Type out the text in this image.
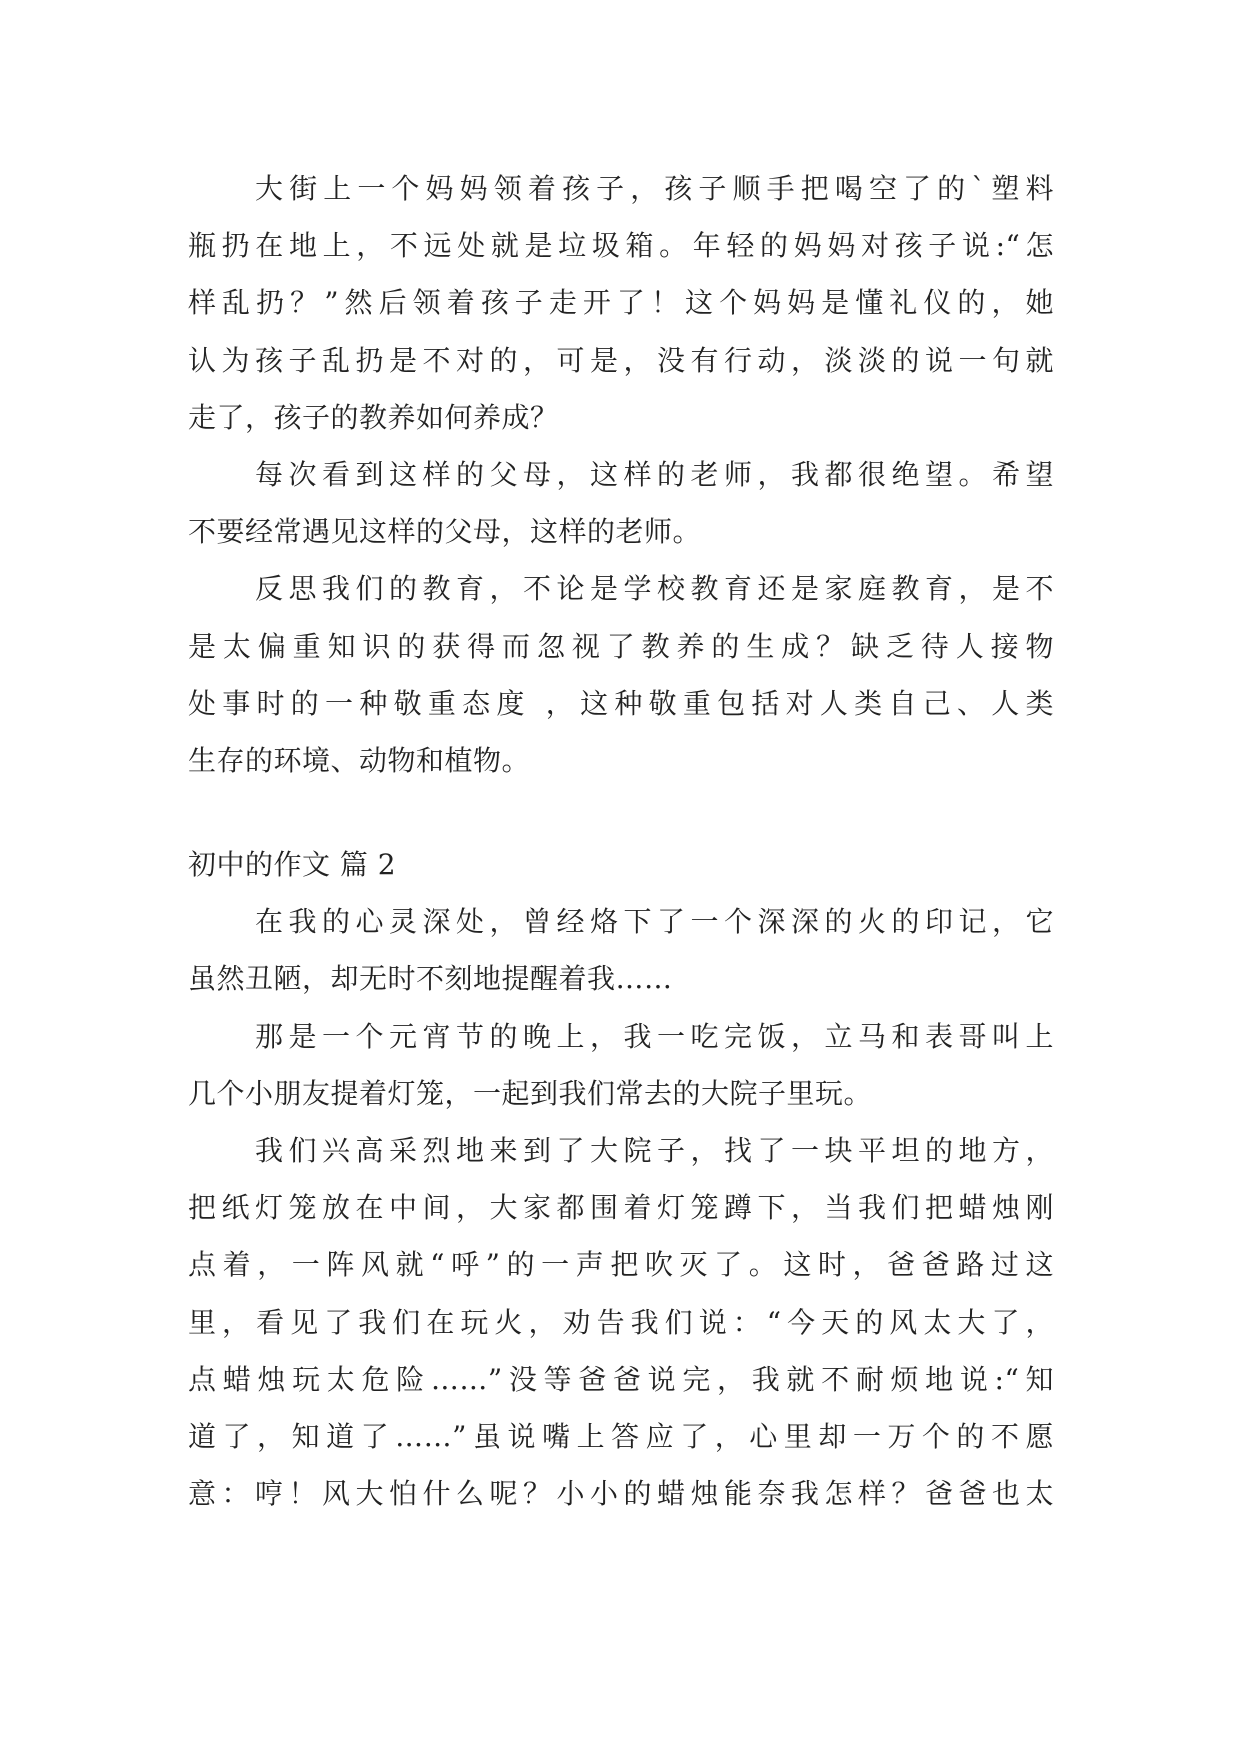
大街上一个妈妈领着孩子，孩子顺手把喝空了的`塑料
瓶扔在地上，不远处就是垃圾箱。年轻的妈妈对孩子说:“怎
样乱扔？”然后领着孩子走开了！这个妈妈是懂礼仪的，她
认为孩子乱扔是不对的，可是，没有行动，淡淡的说一句就
走了，孩子的教养如何养成？
每次看到这样的父母，这样的老师，我都很绝望。希望
不要经常遇见这样的父母，这样的老师。
反思我们的教育，不论是学校教育还是家庭教育，是不
是太偏重知识的获得而忽视了教养的生成？缺乏待人接物
处事时的一种敬重态度 ，这种敬重包括对人类自己、人类
生存的环境、动物和植物。
初中的作文 篇 2
在我的心灵深处，曾经烙下了一个深深的火的印记，它
虽然丑陋，却无时不刻地提醒着我……
那是一个元宵节的晚上，我一吃完饭，立马和表哥叫上
几个小朋友提着灯笼，一起到我们常去的大院子里玩。
我们兴高采烈地来到了大院子，找了一块平坦的地方，
把纸灯笼放在中间，大家都围着灯笼蹲下，当我们把蜡烛刚
点着，一阵风就“呼”的一声把吹灭了。这时，爸爸路过这
里，看见了我们在玩火，劝告我们说：“今天的风太大了，
点蜡烛玩太危险……”没等爸爸说完，我就不耐烦地说:“知
道了，知道了……”虽说嘴上答应了，心里却一万个的不愿
意：哼！风大怕什么呢？小小的蜡烛能奈我怎样？爸爸也太
